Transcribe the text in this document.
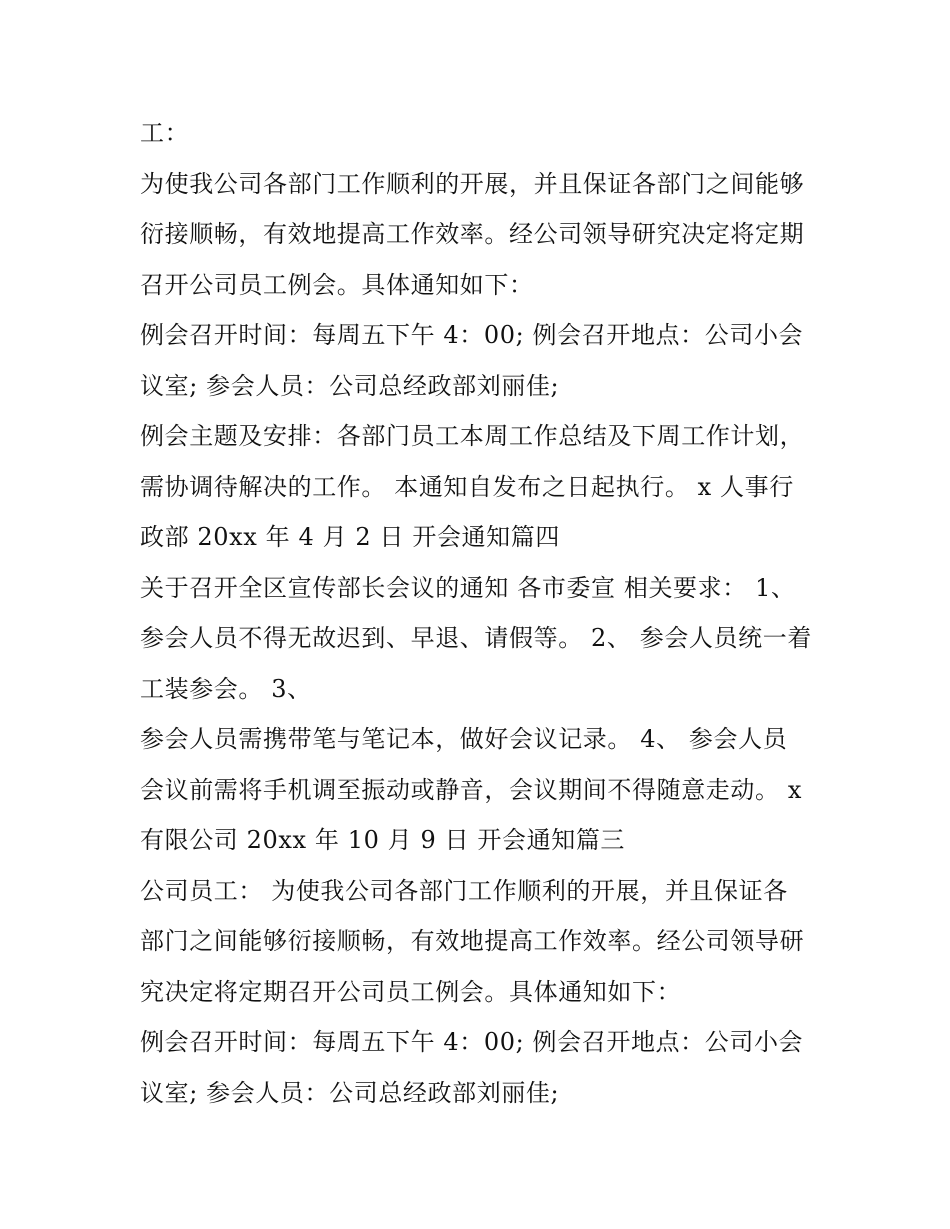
工：
为使我公司各部门工作顺利的开展，并且保证各部门之间能够
衍接顺畅，有效地提高工作效率。经公司领导研究决定将定期
召开公司员工例会。具体通知如下：
例会召开时间：每周五下午 4：00; 例会召开地点：公司小会
议室; 参会人员：公司总经政部刘丽佳;
例会主题及安排：各部门员工本周工作总结及下周工作计划，
需协调待解决的工作。 本通知自发布之日起执行。 x 人事行
政部 20xx 年 4 月 2 日 开会通知篇四
关于召开全区宣传部长会议的通知 各市委宣 相关要求： 1、
参会人员不得无故迟到、早退、请假等。 2、 参会人员统一着
工装参会。 3、
参会人员需携带笔与笔记本，做好会议记录。 4、 参会人员
会议前需将手机调至振动或静音，会议期间不得随意走动。 x
有限公司 20xx 年 10 月 9 日 开会通知篇三
公司员工： 为使我公司各部门工作顺利的开展，并且保证各
部门之间能够衍接顺畅，有效地提高工作效率。经公司领导研
究决定将定期召开公司员工例会。具体通知如下：
例会召开时间：每周五下午 4：00; 例会召开地点：公司小会
议室; 参会人员：公司总经政部刘丽佳;
